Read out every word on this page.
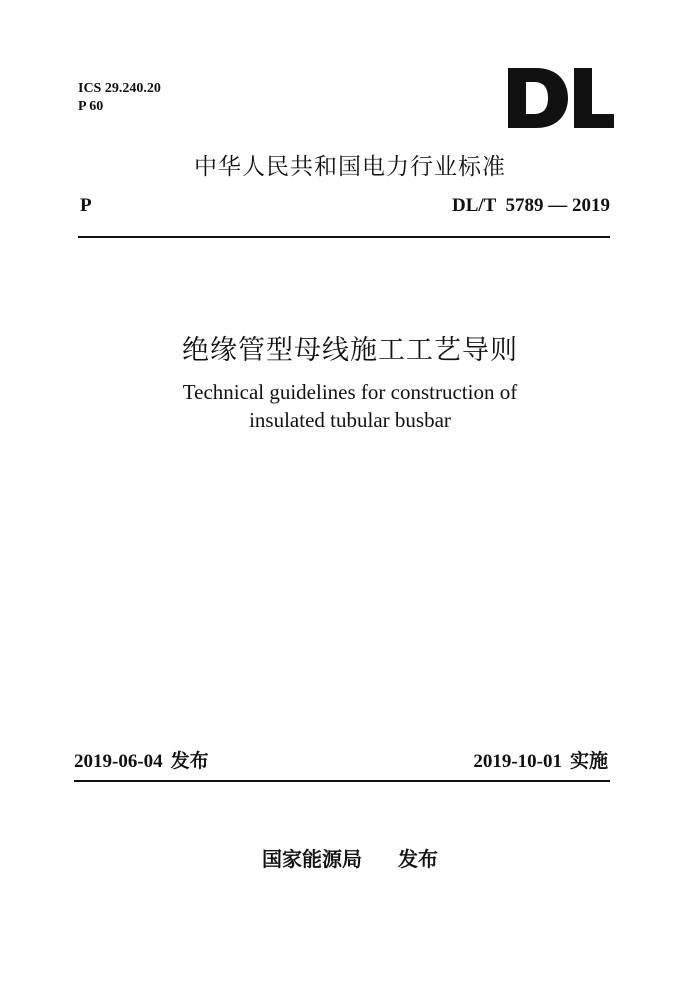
ICS 29.240.20
P 60
中华人民共和国电力行业标准
P	DL/T  5789 — 2019
绝缘管型母线施工工艺导则
Technical guidelines for construction of
insulated tubular busbar
2019-06-04 发布	2019-10-01 实施
国家能源局 发布
